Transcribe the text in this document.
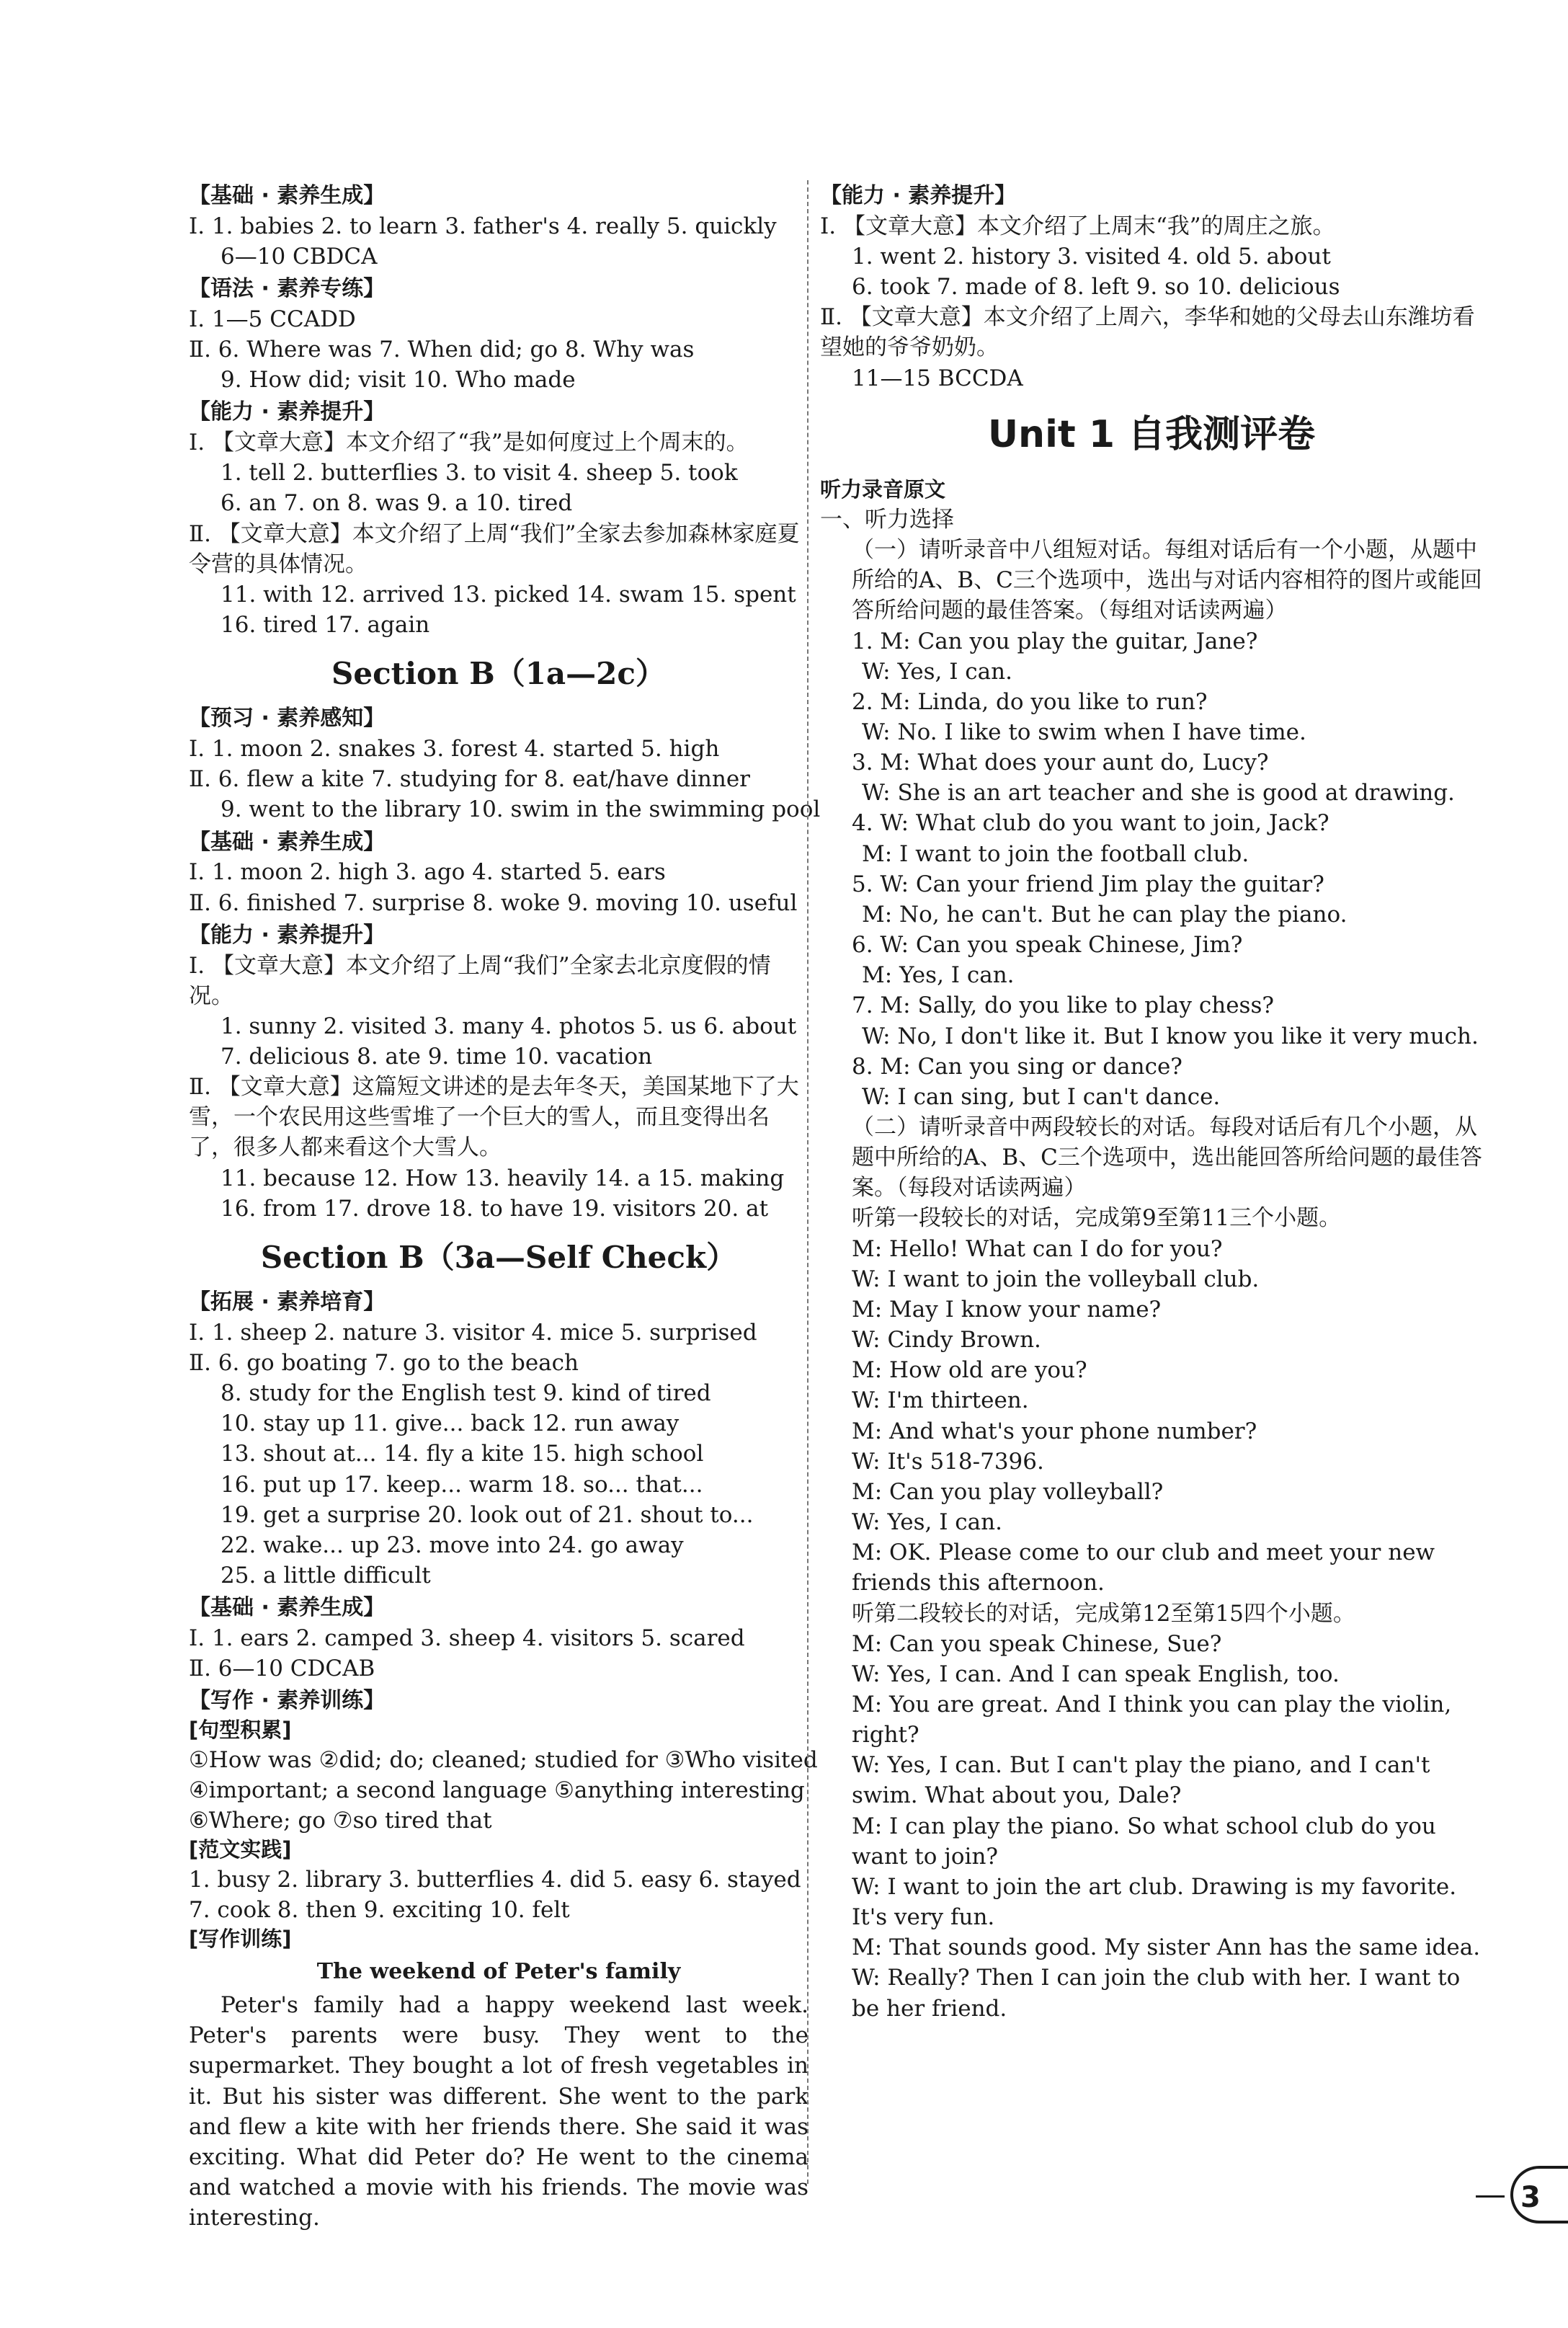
【基础 · 素养生成】
Ⅰ. 1. babies 2. to learn 3. father's 4. really 5. quickly
6—10 CBDCA
【语法 · 素养专练】
Ⅰ. 1—5 CCADD
Ⅱ. 6. Where was 7. When did; go 8. Why was
9. How did; visit 10. Who made
【能力 · 素养提升】
Ⅰ. 【文章大意】本文介绍了“我”是如何度过上个周末的。
1. tell 2. butterflies 3. to visit 4. sheep 5. took
6. an 7. on 8. was 9. a 10. tired
Ⅱ. 【文章大意】本文介绍了上周“我们”全家去参加森林家庭夏令营的具体情况。
11. with 12. arrived 13. picked 14. swam 15. spent
16. tired 17. again
Section B（1a—2c）
【预习 · 素养感知】
Ⅰ. 1. moon 2. snakes 3. forest 4. started 5. high
Ⅱ. 6. flew a kite 7. studying for 8. eat/have dinner
9. went to the library 10. swim in the swimming pool
【基础 · 素养生成】
Ⅰ. 1. moon 2. high 3. ago 4. started 5. ears
Ⅱ. 6. finished 7. surprise 8. woke 9. moving 10. useful
【能力 · 素养提升】
Ⅰ. 【文章大意】本文介绍了上周“我们”全家去北京度假的情况。
1. sunny 2. visited 3. many 4. photos 5. us 6. about
7. delicious 8. ate 9. time 10. vacation
Ⅱ. 【文章大意】这篇短文讲述的是去年冬天，美国某地下了大雪，一个农民用这些雪堆了一个巨大的雪人，而且变得出名了，很多人都来看这个大雪人。
11. because 12. How 13. heavily 14. a 15. making
16. from 17. drove 18. to have 19. visitors 20. at
Section B（3a—Self Check）
【拓展 · 素养培育】
Ⅰ. 1. sheep 2. nature 3. visitor 4. mice 5. surprised
Ⅱ. 6. go boating 7. go to the beach
8. study for the English test 9. kind of tired
10. stay up 11. give... back 12. run away
13. shout at... 14. fly a kite 15. high school
16. put up 17. keep... warm 18. so... that...
19. get a surprise 20. look out of 21. shout to...
22. wake... up 23. move into 24. go away
25. a little difficult
【基础 · 素养生成】
Ⅰ. 1. ears 2. camped 3. sheep 4. visitors 5. scared
Ⅱ. 6—10 CDCAB
【写作 · 素养训练】
[句型积累]
①How was ②did; do; cleaned; studied for ③Who visited
④important; a second language ⑤anything interesting
⑥Where; go ⑦so tired that
[范文实践]
1. busy 2. library 3. butterflies 4. did 5. easy 6. stayed
7. cook 8. then 9. exciting 10. felt
[写作训练]
The weekend of Peter's family
Peter's family had a happy weekend last week. Peter's parents were busy. They went to the supermarket. They bought a lot of fresh vegetables in it. But his sister was different. She went to the park and flew a kite with her friends there. She said it was exciting. What did Peter do? He went to the cinema and watched a movie with his friends. The movie was interesting.
【能力 · 素养提升】
Ⅰ. 【文章大意】本文介绍了上周末“我”的周庄之旅。
1. went 2. history 3. visited 4. old 5. about
6. took 7. made of 8. left 9. so 10. delicious
Ⅱ. 【文章大意】本文介绍了上周六，李华和她的父母去山东潍坊看望她的爷爷奶奶。
11—15 BCCDA
Unit 1 自我测评卷
听力录音原文
一、听力选择
（一）请听录音中八组短对话。每组对话后有一个小题，从题中所给的A、B、C三个选项中，选出与对话内容相符的图片或能回答所给问题的最佳答案。（每组对话读两遍）
1. M: Can you play the guitar, Jane?
W: Yes, I can.
2. M: Linda, do you like to run?
W: No. I like to swim when I have time.
3. M: What does your aunt do, Lucy?
W: She is an art teacher and she is good at drawing.
4. W: What club do you want to join, Jack?
M: I want to join the football club.
5. W: Can your friend Jim play the guitar?
M: No, he can't. But he can play the piano.
6. W: Can you speak Chinese, Jim?
M: Yes, I can.
7. M: Sally, do you like to play chess?
W: No, I don't like it. But I know you like it very much.
8. M: Can you sing or dance?
W: I can sing, but I can't dance.
（二）请听录音中两段较长的对话。每段对话后有几个小题，从题中所给的A、B、C三个选项中，选出能回答所给问题的最佳答案。（每段对话读两遍）
听第一段较长的对话，完成第9至第11三个小题。
M: Hello! What can I do for you?
W: I want to join the volleyball club.
M: May I know your name?
W: Cindy Brown.
M: How old are you?
W: I'm thirteen.
M: And what's your phone number?
W: It's 518-7396.
M: Can you play volleyball?
W: Yes, I can.
M: OK. Please come to our club and meet your new friends this afternoon.
听第二段较长的对话，完成第12至第15四个小题。
M: Can you speak Chinese, Sue?
W: Yes, I can. And I can speak English, too.
M: You are great. And I think you can play the violin, right?
W: Yes, I can. But I can't play the piano, and I can't swim. What about you, Dale?
M: I can play the piano. So what school club do you want to join?
W: I want to join the art club. Drawing is my favorite. It's very fun.
M: That sounds good. My sister Ann has the same idea.
W: Really? Then I can join the club with her. I want to be her friend.
3
